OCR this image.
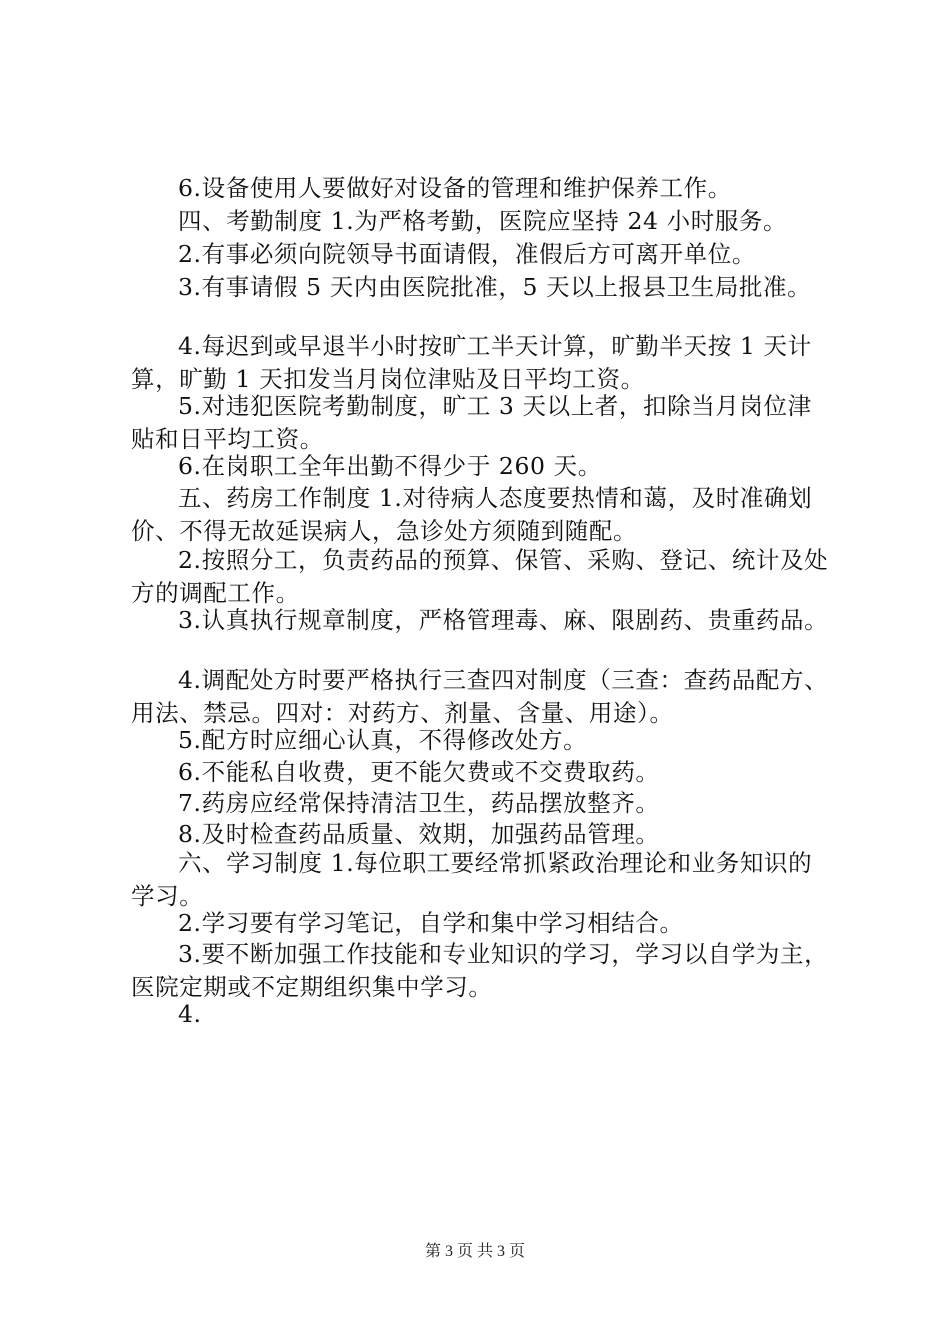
6.设备使用人要做好对设备的管理和维护保养工作。

四、考勤制度 1.为严格考勤，医院应坚持 24 小时服务。

2.有事必须向院领导书面请假，准假后方可离开单位。

3.有事请假 5 天内由医院批准，5 天以上报县卫生局批准。

4.每迟到或早退半小时按旷工半天计算，旷勤半天按 1 天计算，旷勤 1 天扣发当月岗位津贴及日平均工资。

5.对违犯医院考勤制度，旷工 3 天以上者，扣除当月岗位津贴和日平均工资。

6.在岗职工全年出勤不得少于 260 天。

五、药房工作制度 1.对待病人态度要热情和蔼，及时准确划价、不得无故延误病人，急诊处方须随到随配。

2.按照分工，负责药品的预算、保管、采购、登记、统计及处方的调配工作。

3.认真执行规章制度，严格管理毒、麻、限剧药、贵重药品。

4.调配处方时要严格执行三查四对制度（三查：查药品配方、用法、禁忌。四对：对药方、剂量、含量、用途）。

5.配方时应细心认真，不得修改处方。

6.不能私自收费，更不能欠费或不交费取药。

7.药房应经常保持清洁卫生，药品摆放整齐。

8.及时检查药品质量、效期，加强药品管理。

六、学习制度 1.每位职工要经常抓紧政治理论和业务知识的学习。

2.学习要有学习笔记，自学和集中学习相结合。

3.要不断加强工作技能和专业知识的学习，学习以自学为主，医院定期或不定期组织集中学习。

4.

第 3 页 共 3 页
